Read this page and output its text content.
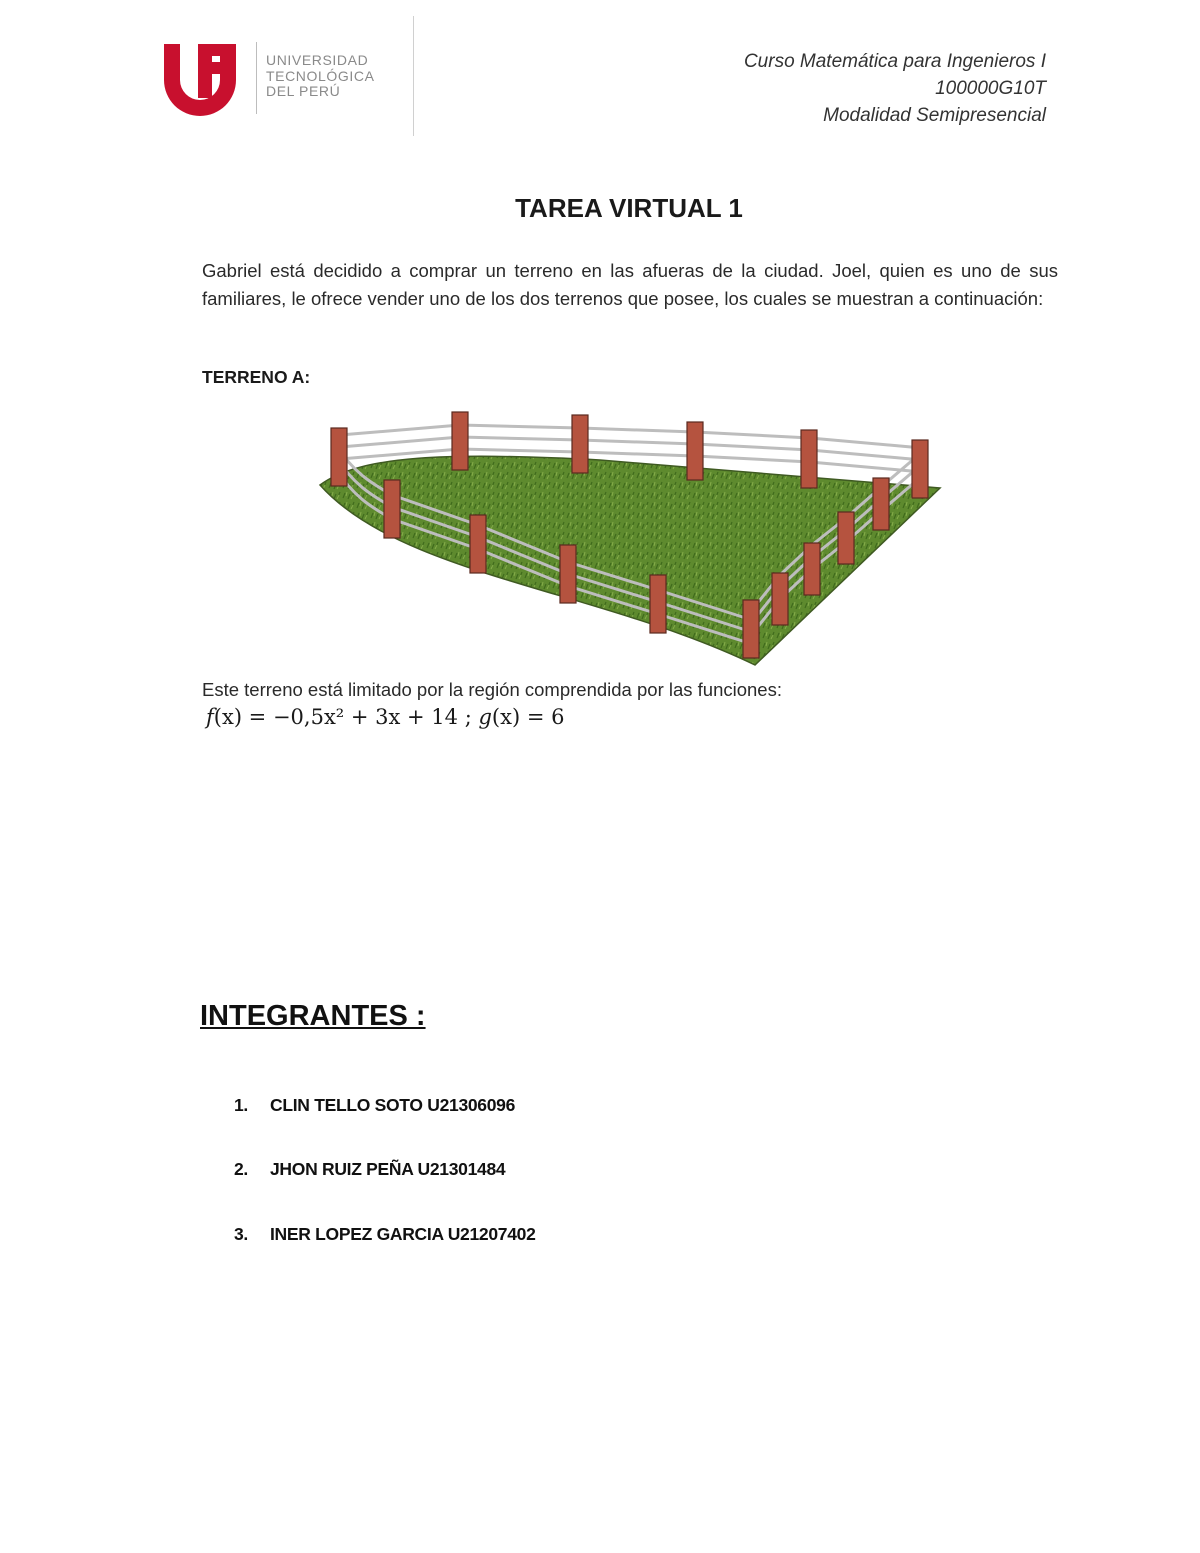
UNIVERSIDAD
TECNOLÓGICA
DEL PERÚ
Curso Matemática para Ingenieros I
100000G10T
Modalidad Semipresencial
TAREA VIRTUAL 1
Gabriel está decidido a comprar un terreno en las afueras de la ciudad. Joel, quien es uno de sus familiares, le ofrece vender uno de los dos terrenos que posee, los cuales se muestran a continuación:
TERRENO A:
Este terreno está limitado por la región comprendida por las funciones:
f(x) = −0,5x² + 3x + 14 ; g(x) = 6
INTEGRANTES :
1. CLIN TELLO SOTO U21306096
2. JHON RUIZ PEÑA U21301484
3. INER LOPEZ GARCIA U21207402
